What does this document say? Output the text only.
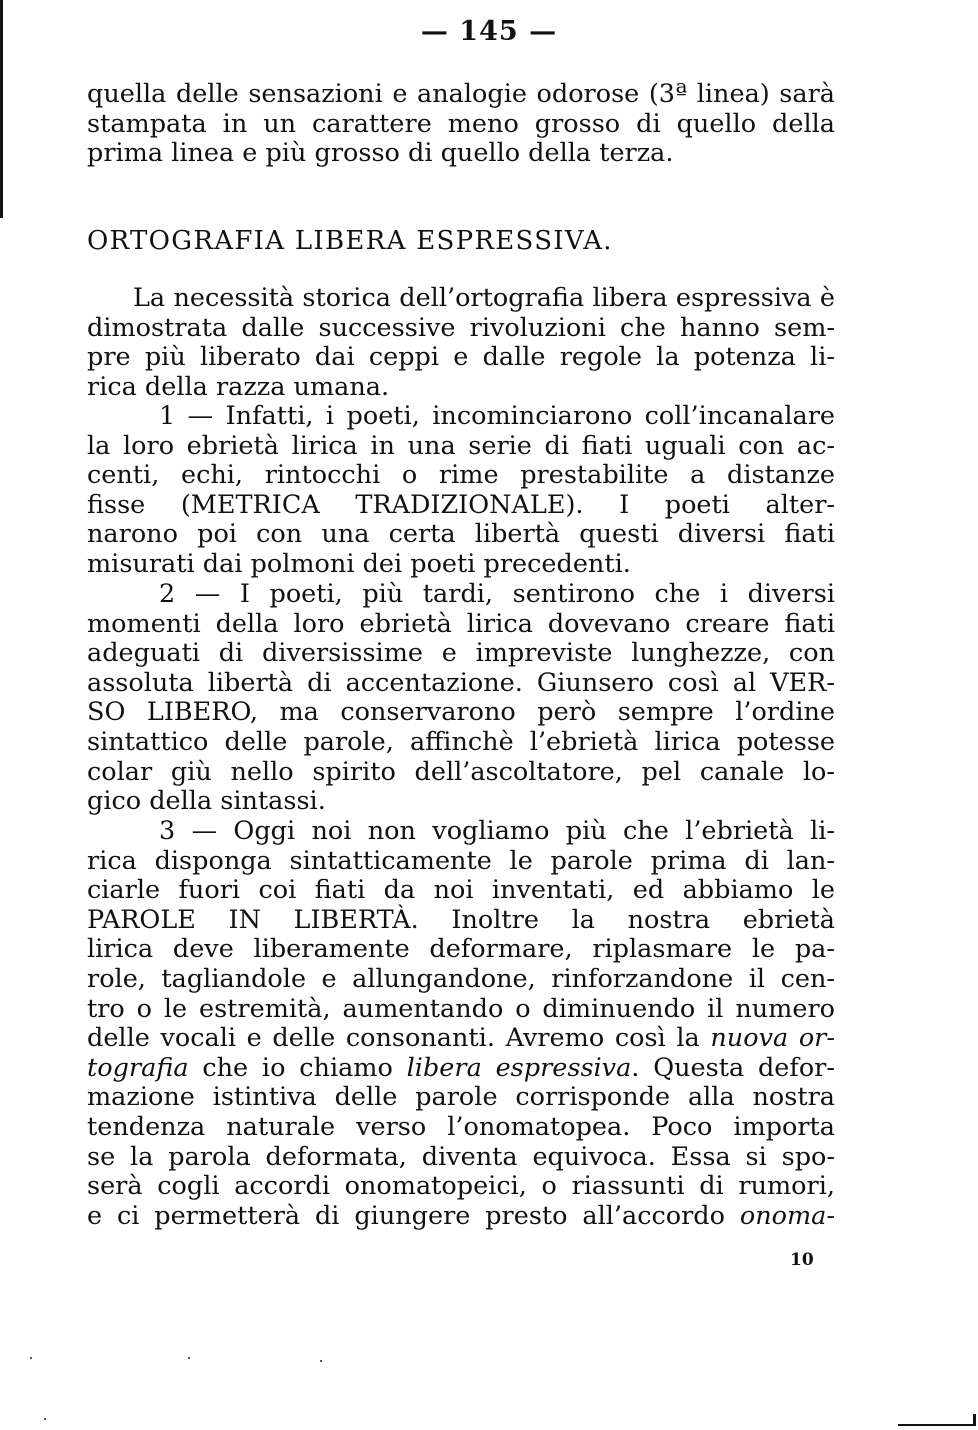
— 145 —
quella delle sensazioni e analogie odorose (3ª linea) sarà
stampata in un carattere meno grosso di quello della
prima linea e più grosso di quello della terza.
ORTOGRAFIA LIBERA ESPRESSIVA.
La necessità storica dell’ortografia libera espressiva è
dimostrata dalle successive rivoluzioni che hanno sem-
pre più liberato dai ceppi e dalle regole la potenza li-
rica della razza umana.
1 — Infatti, i poeti, incominciarono coll’incanalare
la loro ebrietà lirica in una serie di fiati uguali con ac-
centi, echi, rintocchi o rime prestabilite a distanze
fisse (METRICA TRADIZIONALE). I poeti alter-
narono poi con una certa libertà questi diversi fiati
misurati dai polmoni dei poeti precedenti.
2 — I poeti, più tardi, sentirono che i diversi
momenti della loro ebrietà lirica dovevano creare fiati
adeguati di diversissime e impreviste lunghezze, con
assoluta libertà di accentazione. Giunsero così al VER-
SO LIBERO, ma conservarono però sempre l’ordine
sintattico delle parole, affinchè l’ebrietà lirica potesse
colar giù nello spirito dell’ascoltatore, pel canale lo-
gico della sintassi.
3 — Oggi noi non vogliamo più che l’ebrietà li-
rica disponga sintatticamente le parole prima di lan-
ciarle fuori coi fiati da noi inventati, ed abbiamo le
PAROLE IN LIBERTÀ. Inoltre la nostra ebrietà
lirica deve liberamente deformare, riplasmare le pa-
role, tagliandole e allungandone, rinforzandone il cen-
tro o le estremità, aumentando o diminuendo il numero
delle vocali e delle consonanti. Avremo così la nuova or-
tografia che io chiamo libera espressiva. Questa defor-
mazione istintiva delle parole corrisponde alla nostra
tendenza naturale verso l’onomatopea. Poco importa
se la parola deformata, diventa equivoca. Essa si spo-
serà cogli accordi onomatopeici, o riassunti di rumori,
e ci permetterà di giungere presto all’accordo onoma-
10
